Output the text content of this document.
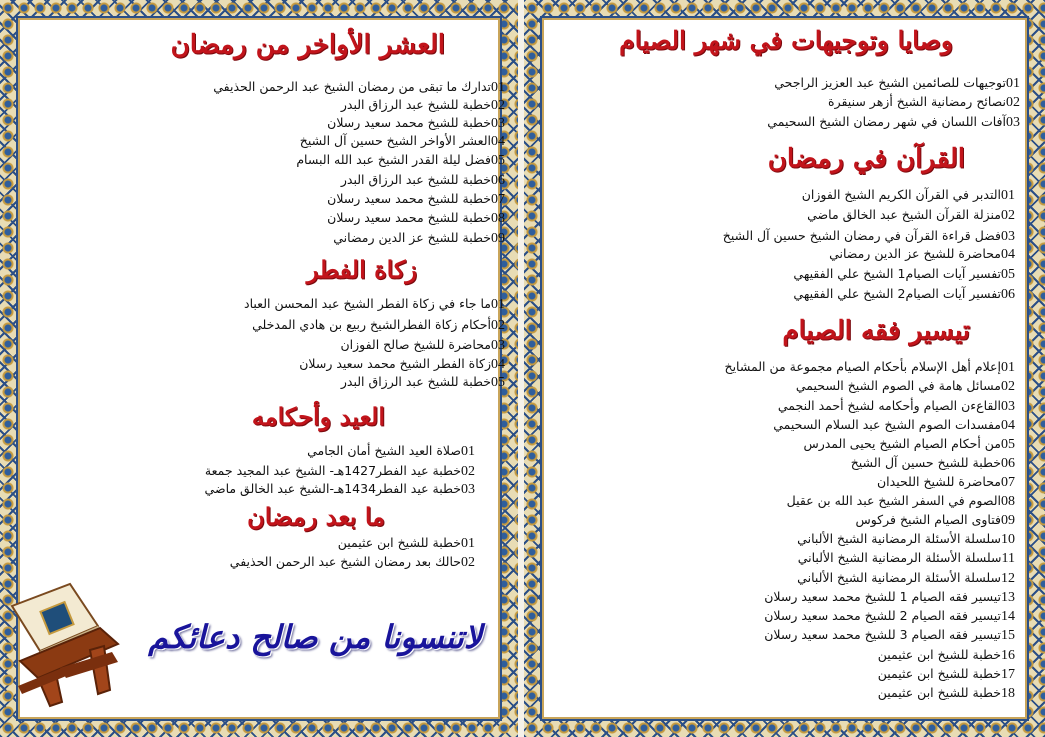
العشر الأواخر من رمضان
01تدارك ما تبقى من رمضان الشيخ عبد الرحمن الحذيفي
02خطبة للشيخ عبد الرزاق البدر
03خطبة للشيخ محمد سعيد رسلان
04العشر الأواخر الشيخ حسين آل الشيخ
05فضل ليلة القدر الشيخ عبد الله البسام
06خطبة للشيخ عبد الرزاق البدر
07خطبة للشيخ محمد سعيد رسلان
08خطبة للشيخ محمد سعيد رسلان
09خطبة للشيخ عز الدين رمضاني
زكاة الفطر
01ما جاء في زكاة الفطر الشيخ عبد المحسن العباد
02أحكام زكاة الفطرالشيخ ربيع بن هادي المدخلي
03محاضرة للشيخ صالح الفوزان
04زكاة الفطر الشيخ محمد سعيد رسلان
05خطبة للشيخ عبد الرزاق البدر
العيد وأحكامه
01صلاة العيد الشيخ أمان الجامي
02خطبة عيد الفطر1427هـ- الشيخ عبد المجيد جمعة
03خطبة عيد الفطر1434هـ-الشيخ عبد الخالق ماضي
ما بعد رمضان
01خطبة للشيخ ابن عثيمين
02حالك بعد رمضان الشيخ عبد الرحمن الحذيفي
لاتنسونا من صالح دعائكم
وصايا وتوجيهات في شهر الصيام
01توجيهات للصائمين الشيخ عبد العزيز الراجحي
02نصائح رمضانية الشيخ أزهر سنيقرة
03آفات اللسان في شهر رمضان الشيخ السحيمي
القرآن في رمضان
01التدبر في القرآن الكريم الشيخ الفوزان
02منزلة القرآن الشيخ عبد الخالق ماضي
03فضل قراءة القرآن في رمضان الشيخ حسين آل الشيخ
04محاضرة للشيخ عز الدين رمضاني
05تفسير آيات الصيام1 الشيخ علي الفقيهي
06تفسير آيات الصيام2 الشيخ علي الفقيهي
تيسير فقه الصيام
01إعلام أهل الإسلام بأحكام الصيام مجموعة من المشايخ
02مسائل هامة في الصوم الشيخ السحيمي
03القاعءن الصيام وأحكامه لشيخ أحمد النجمي
04مفسدات الصوم الشيخ عبد السلام السحيمي
05من أحكام الصيام الشيخ يحيى المدرس
06خطبة للشيخ حسين آل الشيخ
07محاضرة للشيخ اللحيدان
08الصوم في السفر الشيخ عبد الله بن عقيل
09فتاوى الصيام الشيخ فركوس
10سلسلة الأسئلة الرمضانية الشيخ الألباني
11سلسلة الأسئلة الرمضانية الشيخ الألباني
12سلسلة الأسئلة الرمضانية الشيخ الألباني
13تيسير فقه الصيام 1 للشيخ محمد سعيد رسلان
14تيسير فقه الصيام 2 للشيخ محمد سعيد رسلان
15تيسير فقه الصيام 3 للشيخ محمد سعيد رسلان
16خطبة للشيخ ابن عثيمين
17خطبة للشيخ ابن عثيمين
18خطبة للشيخ ابن عثيمين
